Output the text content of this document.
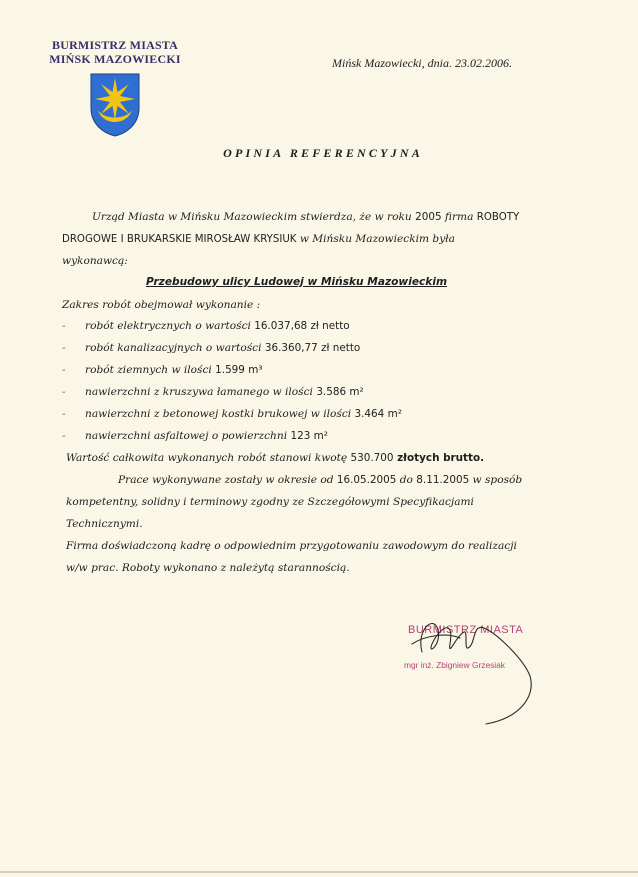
BURMISTRZ MIASTA
MIŃSK MAZOWIECKI	Mińsk Mazowiecki, dnia. 23.02.2006.
OPINIA REFERENCYJNA
Urząd Miasta w Mińsku Mazowieckim stwierdza, że w roku 2005 firma ROBOTY
DROGOWE I BRUKARSKIE MIROSŁAW KRYSIUK w Mińsku Mazowieckim była
wykonawcą:
Przebudowy ulicy Ludowej w Mińsku Mazowieckim
Zakres robót obejmował wykonanie :
- robót elektrycznych o wartości 16.037,68 zł netto
- robót kanalizacyjnych o wartości 36.360,77 zł netto
- robót ziemnych w ilości 1.599 m³
- nawierzchni z kruszywa łamanego w ilości 3.586 m²
- nawierzchni z betonowej kostki brukowej w ilości 3.464 m²
- nawierzchni asfaltowej o powierzchni 123 m²
Wartość całkowita wykonanych robót stanowi kwotę 530.700 złotych brutto.
Prace wykonywane zostały w okresie od 16.05.2005 do 8.11.2005 w sposób
kompetentny, solidny i terminowy zgodny ze Szczegółowymi Specyfikacjami
Technicznymi.
Firma doświadczoną kadrę o odpowiednim przygotowaniu zawodowym do realizacji
w/w prac. Roboty wykonano z należytą starannością.
BURMISTRZ MIASTA
mgr inż. Zbigniew Grzesiak
